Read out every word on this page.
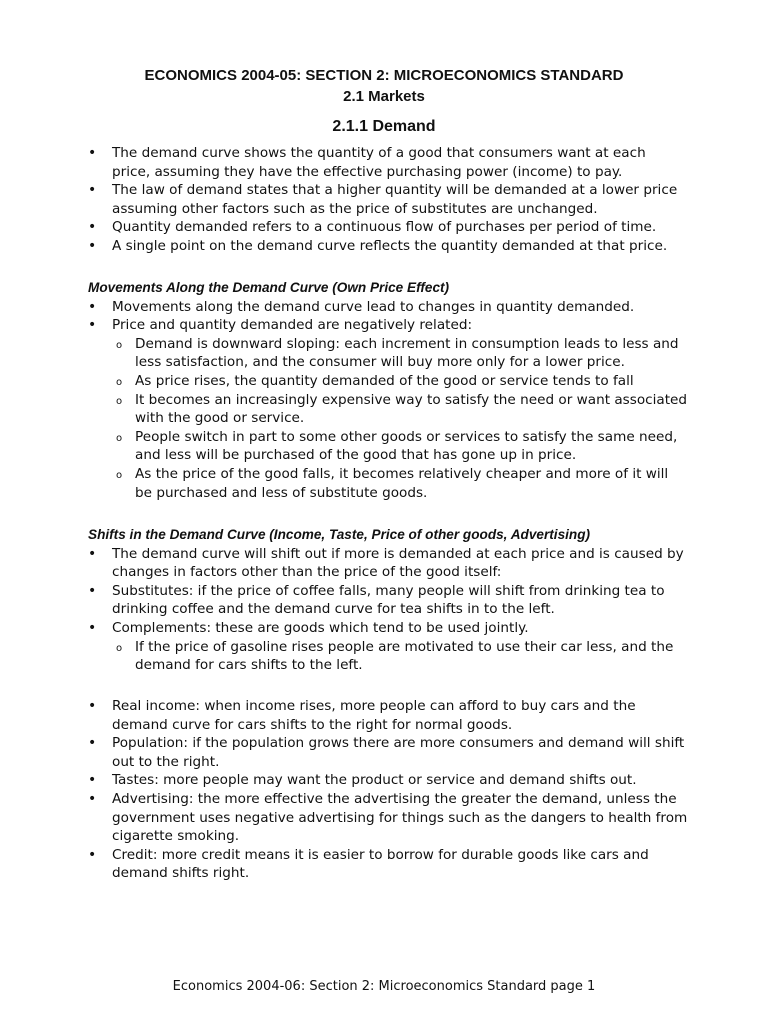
ECONOMICS 2004-05: SECTION 2: MICROECONOMICS STANDARD
2.1 Markets
2.1.1 Demand
• The demand curve shows the quantity of a good that consumers want at each price, assuming they have the effective purchasing power (income) to pay.
• The law of demand states that a higher quantity will be demanded at a lower price assuming other factors such as the price of substitutes are unchanged.
• Quantity demanded refers to a continuous flow of purchases per period of time.
• A single point on the demand curve reflects the quantity demanded at that price.
Movements Along the Demand Curve (Own Price Effect)
• Movements along the demand curve lead to changes in quantity demanded.
• Price and quantity demanded are negatively related:
o Demand is downward sloping: each increment in consumption leads to less and less satisfaction, and the consumer will buy more only for a lower price.
o As price rises, the quantity demanded of the good or service tends to fall
o It becomes an increasingly expensive way to satisfy the need or want associated with the good or service.
o People switch in part to some other goods or services to satisfy the same need, and less will be purchased of the good that has gone up in price.
o As the price of the good falls, it becomes relatively cheaper and more of it will be purchased and less of substitute goods.
Shifts in the Demand Curve (Income, Taste, Price of other goods, Advertising)
• The demand curve will shift out if more is demanded at each price and is caused by changes in factors other than the price of the good itself:
• Substitutes: if the price of coffee falls, many people will shift from drinking tea to drinking coffee and the demand curve for tea shifts in to the left.
• Complements: these are goods which tend to be used jointly.
o If the price of gasoline rises people are motivated to use their car less, and the demand for cars shifts to the left.
• Real income: when income rises, more people can afford to buy cars and the demand curve for cars shifts to the right for normal goods.
• Population: if the population grows there are more consumers and demand will shift out to the right.
• Tastes: more people may want the product or service and demand shifts out.
• Advertising: the more effective the advertising the greater the demand, unless the government uses negative advertising for things such as the dangers to health from cigarette smoking.
• Credit: more credit means it is easier to borrow for durable goods like cars and demand shifts right.
Economics 2004-06: Section 2: Microeconomics Standard page 1
